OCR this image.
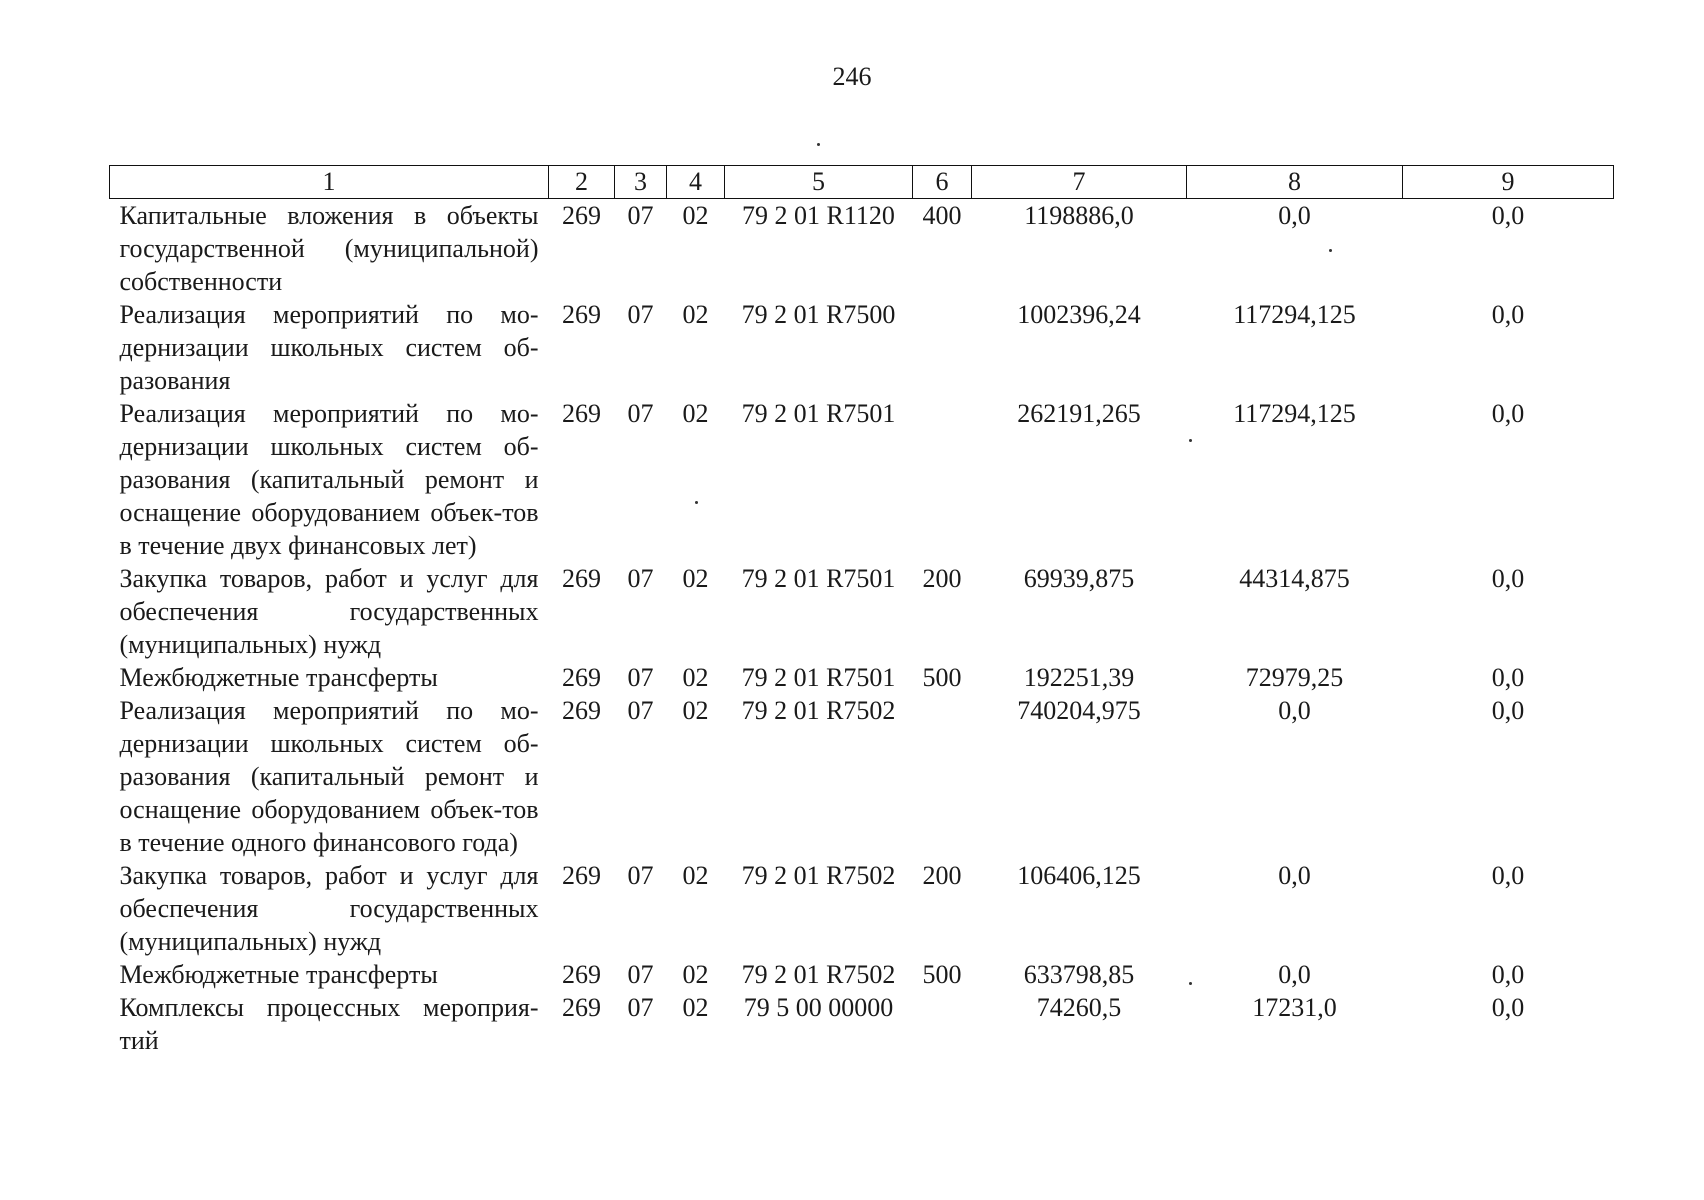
246
1	2	3	4	5	6	7	8	9
Капитальные вложения в объекты государственной (муниципальной) собственности	269	07	02	79 2 01 R1120	400	1198886,0	0,0	0,0
Реализация мероприятий по мо-дернизации школьных систем об-разования	269	07	02	79 2 01 R7500		1002396,24	117294,125	0,0
Реализация мероприятий по мо-дернизации школьных систем об-разования (капитальный ремонт и оснащение оборудованием объек-тов в течение двух финансовых лет)	269	07	02	79 2 01 R7501		262191,265	117294,125	0,0
Закупка товаров, работ и услуг для обеспечения государственных (муниципальных) нужд	269	07	02	79 2 01 R7501	200	69939,875	44314,875	0,0
Межбюджетные трансферты	269	07	02	79 2 01 R7501	500	192251,39	72979,25	0,0
Реализация мероприятий по мо-дернизации школьных систем об-разования (капитальный ремонт и оснащение оборудованием объек-тов в течение одного финансового года)	269	07	02	79 2 01 R7502		740204,975	0,0	0,0
Закупка товаров, работ и услуг для обеспечения государственных (муниципальных) нужд	269	07	02	79 2 01 R7502	200	106406,125	0,0	0,0
Межбюджетные трансферты	269	07	02	79 2 01 R7502	500	633798,85	0,0	0,0
Комплексы процессных мероприя-тий	269	07	02	79 5 00 00000		74260,5	17231,0	0,0
